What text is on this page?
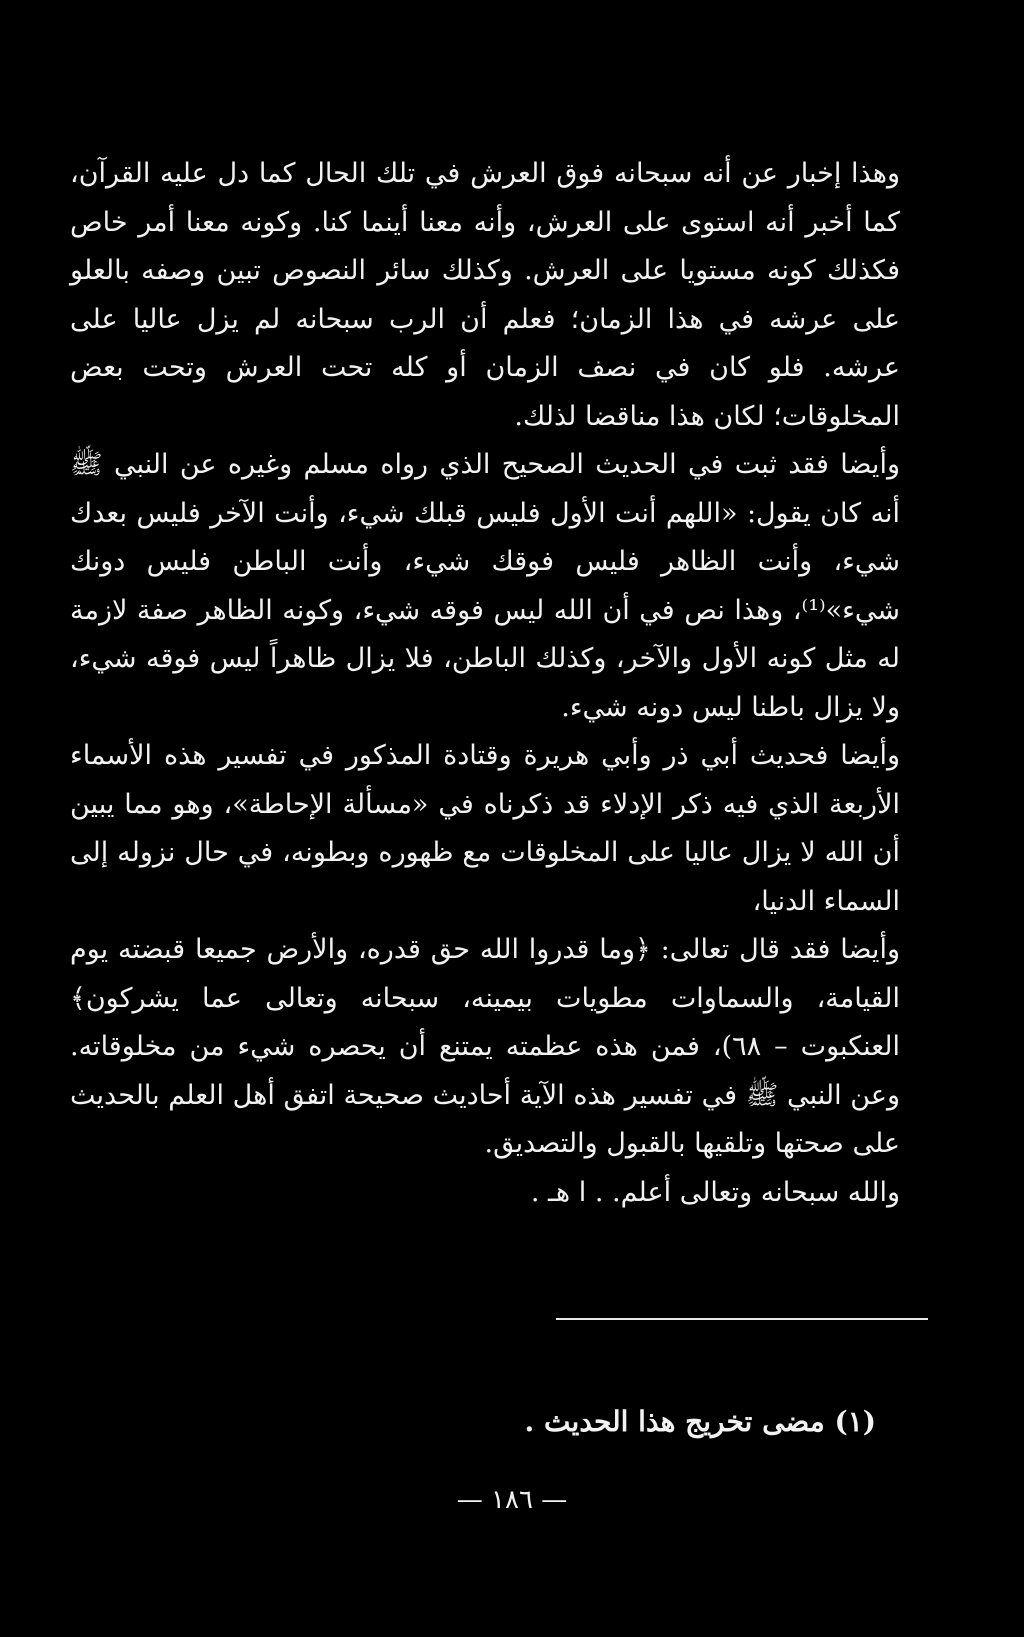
وهذا إخبار عن أنه سبحانه فوق العرش في تلك الحال كما دل عليه القرآن، كما أخبر أنه استوى على العرش، وأنه معنا أينما كنا. وكونه معنا أمر خاص فكذلك كونه مستويا على العرش. وكذلك سائر النصوص تبين وصفه بالعلو على عرشه في هذا الزمان؛ فعلم أن الرب سبحانه لم يزل عاليا على عرشه. فلو كان في نصف الزمان أو كله تحت العرش وتحت بعض المخلوقات؛ لكان هذا مناقضا لذلك.

وأيضا فقد ثبت في الحديث الصحيح الذي رواه مسلم وغيره عن النبي ﷺ أنه كان يقول: «اللهم أنت الأول فليس قبلك شيء، وأنت الآخر فليس بعدك شيء، وأنت الظاهر فليس فوقك شيء، وأنت الباطن فليس دونك شيء»⁽¹⁾، وهذا نص في أن الله ليس فوقه شيء، وكونه الظاهر صفة لازمة له مثل كونه الأول والآخر، وكذلك الباطن، فلا يزال ظاهراً ليس فوقه شيء، ولا يزال باطنا ليس دونه شيء.

وأيضا فحديث أبي ذر وأبي هريرة وقتادة المذكور في تفسير هذه الأسماء الأربعة الذي فيه ذكر الإدلاء قد ذكرناه في «مسألة الإحاطة»، وهو مما يبين أن الله لا يزال عاليا على المخلوقات مع ظهوره وبطونه، في حال نزوله إلى السماء الدنيا،

وأيضا فقد قال تعالى: ﴿وما قدروا الله حق قدره، والأرض جميعا قبضته يوم القيامة، والسماوات مطويات بيمينه، سبحانه وتعالى عما يشركون﴾ العنكبوت – ٦٨)، فمن هذه عظمته يمتنع أن يحصره شيء من مخلوقاته. وعن النبي ﷺ في تفسير هذه الآية أحاديث صحيحة اتفق أهل العلم بالحديث على صحتها وتلقيها بالقبول والتصديق.

والله سبحانه وتعالى أعلم. . ا هـ .

(١) مضى تخريج هذا الحديث .

— ١٨٦ —
